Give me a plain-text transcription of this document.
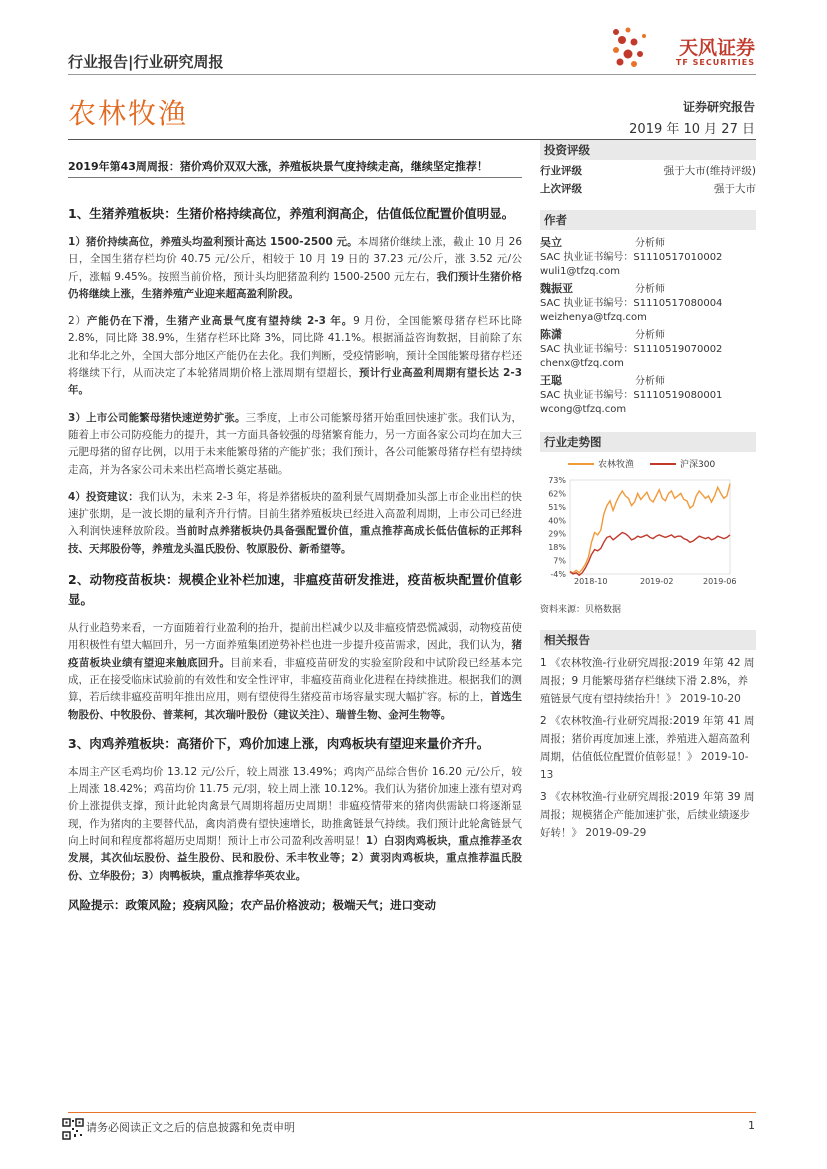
天风证券
TF SECURITIES
行业报告|行业研究周报
农林牧渔	证券研究报告
2019 年 10 月 27 日
2019年第43周周报：猪价鸡价双双大涨，养殖板块景气度持续走高，继续坚定推荐！

1、生猪养殖板块：生猪价格持续高位，养殖利润高企，估值低位配置价值明显。

1）猪价持续高位，养殖头均盈利预计高达 1500-2500 元。本周猪价继续上涨，截止 10 月 26 日，全国生猪存栏均价 40.75 元/公斤，相较于 10 月 19 日的 37.23 元/公斤，涨 3.52 元/公斤，涨幅 9.45%。按照当前价格，预计头均肥猪盈利约 1500-2500 元左右，我们预计生猪价格仍将继续上涨，生猪养殖产业迎来超高盈利阶段。

2）产能仍在下滑，生猪产业高景气度有望持续 2-3 年。9 月份，全国能繁母猪存栏环比降 2.8%，同比降 38.9%，生猪存栏环比降 3%，同比降 41.1%。根据涌益咨询数据，目前除了东北和华北之外，全国大部分地区产能仍在去化。我们判断，受疫情影响，预计全国能繁母猪存栏还将继续下行，从而决定了本轮猪周期价格上涨周期有望超长，预计行业高盈利周期有望长达 2-3 年。

3）上市公司能繁母猪快速逆势扩张。三季度，上市公司能繁母猪开始重回快速扩张。我们认为，随着上市公司防疫能力的提升，其一方面具备较强的母猪繁育能力，另一方面各家公司均在加大三元肥母猪的留存比例，以用于未来能繁母猪的产能扩张；我们预计，各公司能繁母猪存栏有望持续走高，并为各家公司未来出栏高增长奠定基础。

4）投资建议：我们认为，未来 2-3 年，将是养猪板块的盈利景气周期叠加头部上市企业出栏的快速扩张期，是一波长期的量利齐升行情。目前生猪养殖板块已经进入高盈利周期，上市公司已经进入利润快速释放阶段。当前时点养猪板块仍具备强配置价值，重点推荐高成长低估值标的正邦科技、天邦股份等，养殖龙头温氏股份、牧原股份、新希望等。

2、动物疫苗板块：规模企业补栏加速，非瘟疫苗研发推进，疫苗板块配置价值彰显。

从行业趋势来看，一方面随着行业盈利的抬升，提前出栏减少以及非瘟疫情恐慌减弱，动物疫苗使用积极性有望大幅回升，另一方面养殖集团逆势补栏也进一步提升疫苗需求，因此，我们认为，猪疫苗板块业绩有望迎来触底回升。目前来看，非瘟疫苗研发的实验室阶段和中试阶段已经基本完成，正在接受临床试验前的有效性和安全性评审，非瘟疫苗商业化进程在持续推进。根据我们的测算，若后续非瘟疫苗明年推出应用，则有望使得生猪疫苗市场容量实现大幅扩容。标的上，首选生物股份、中牧股份、普莱柯，其次瑞叶股份（建议关注）、瑞普生物、金河生物等。

3、肉鸡养殖板块：高猪价下，鸡价加速上涨，肉鸡板块有望迎来量价齐升。

本周主产区毛鸡均价 13.12 元/公斤，较上周涨 13.49%；鸡肉产品综合售价 16.20 元/公斤，较上周涨 18.42%；鸡苗均价 11.75 元/羽，较上周上涨 10.12%。我们认为猪价加速上涨有望对鸡价上涨提供支撑，预计此轮肉禽景气周期将超历史周期！非瘟疫情带来的猪肉供需缺口将逐渐显现，作为猪肉的主要替代品，禽肉消费有望快速增长，助推禽链景气持续。我们预计此轮禽链景气向上时间和程度都将超历史周期！预计上市公司盈利改善明显！1）白羽肉鸡板块，重点推荐圣农发展，其次仙坛股份、益生股份、民和股份、禾丰牧业等；2）黄羽肉鸡板块，重点推荐温氏股份、立华股份；3）肉鸭板块，重点推荐华英农业。

风险提示：政策风险；疫病风险；农产品价格波动；极端天气；进口变动

投资评级
行业评级	强于大市(维持评级)
上次评级	强于大市
作者
吴立	分析师
SAC 执业证书编号：S1110517010002
wuli1@tfzq.com
魏振亚	分析师
SAC 执业证书编号：S1110517080004
weizhenya@tfzq.com
陈潇	分析师
SAC 执业证书编号：S1110519070002
chenx@tfzq.com
王聪	分析师
SAC 执业证书编号：S1110519080001
wcong@tfzq.com
行业走势图
农林牧渔	沪深300
73%
62%
51%
40%
29%
18%
7%
-4%
2018-10	2019-02	2019-06
资料来源：贝格数据
相关报告
1 《农林牧渔-行业研究周报:2019 年第 42 周周报；9 月能繁母猪存栏继续下滑 2.8%，养殖链景气度有望持续抬升！》 2019-10-20
2 《农林牧渔-行业研究周报:2019 年第 41 周周报；猪价再度加速上涨，养殖进入超高盈利周期，估值低位配置价值彰显！》 2019-10-13
3 《农林牧渔-行业研究周报:2019 年第 39 周周报；规模猪企产能加速扩张，后续业绩逐步好转！》 2019-09-29
请务必阅读正文之后的信息披露和免责申明	1
